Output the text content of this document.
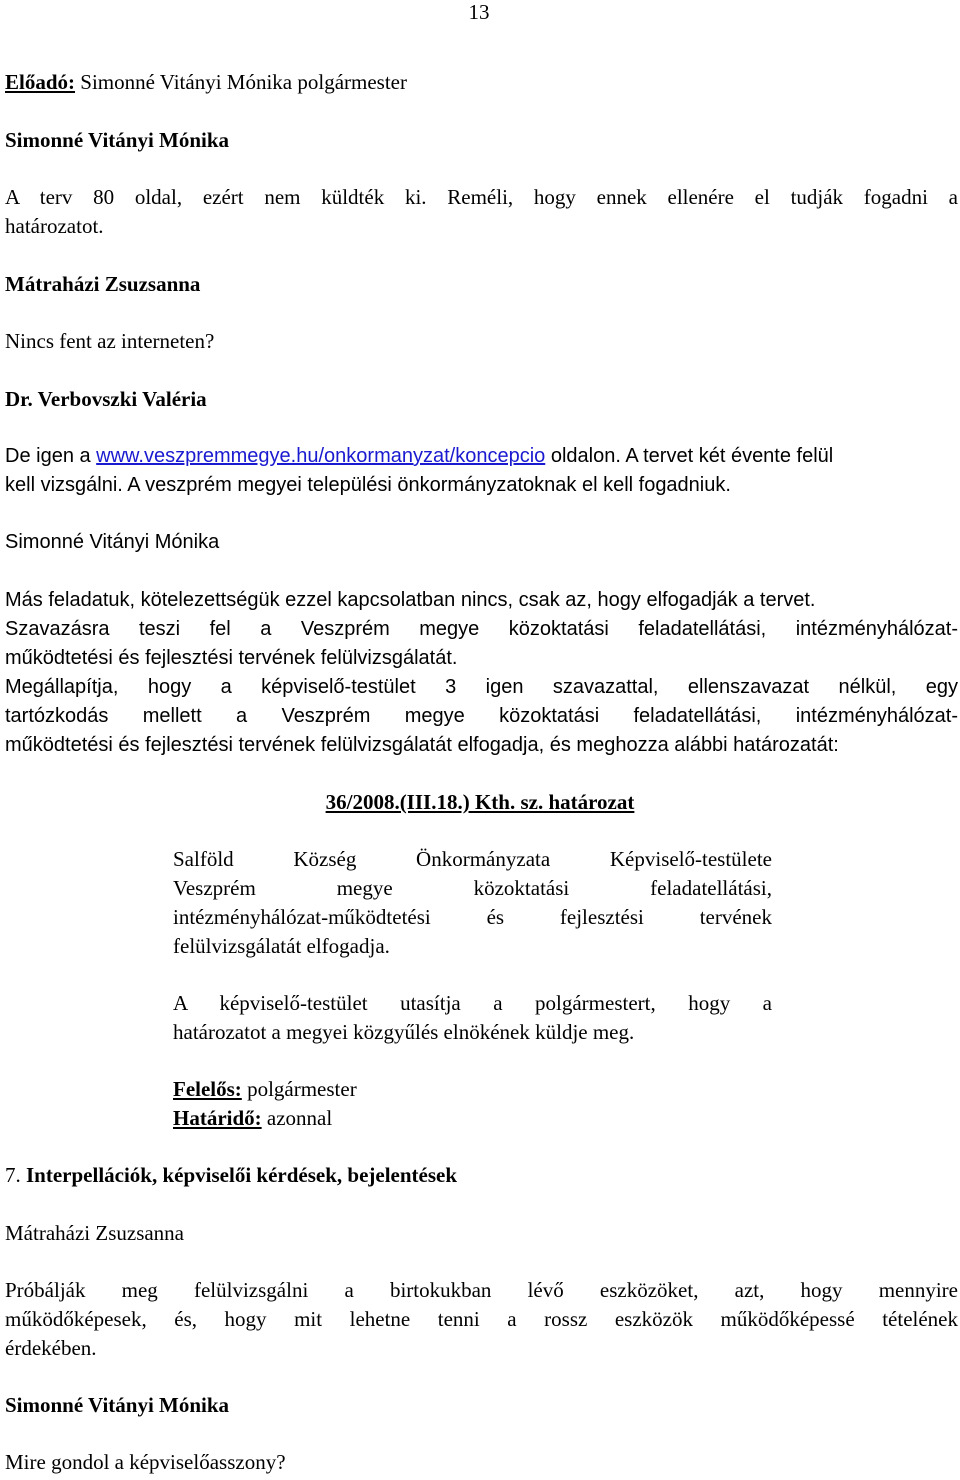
13
Előadó: Simonné Vitányi Mónika polgármester
Simonné Vitányi Mónika
A terv 80 oldal, ezért nem küldték ki. Reméli, hogy ennek ellenére el tudják fogadni a
határozatot.
Mátraházi Zsuzsanna
Nincs fent az interneten?
Dr. Verbovszki Valéria
De igen a www.veszpremmegye.hu/onkormanyzat/koncepcio oldalon. A tervet két évente felül
kell vizsgálni. A veszprém megyei települési önkormányzatoknak el kell fogadniuk.
Simonné Vitányi Mónika
Más feladatuk, kötelezettségük ezzel kapcsolatban nincs, csak az, hogy elfogadják a tervet.
Szavazásra teszi fel a Veszprém megye közoktatási feladatellátási, intézményhálózat-
működtetési és fejlesztési tervének felülvizsgálatát.
Megállapítja, hogy a képviselő-testület 3 igen szavazattal, ellenszavazat nélkül, egy
tartózkodás mellett a Veszprém megye közoktatási feladatellátási, intézményhálózat-
működtetési és fejlesztési tervének felülvizsgálatát elfogadja, és meghozza alábbi határozatát:
36/2008.(III.18.) Kth. sz. határozat
Salföld Község Önkormányzata Képviselő-testülete
Veszprém megye közoktatási feladatellátási,
intézményhálózat-működtetési és fejlesztési tervének
felülvizsgálatát elfogadja.
A képviselő-testület utasítja a polgármestert, hogy a
határozatot a megyei közgyűlés elnökének küldje meg.
Felelős: polgármester
Határidő: azonnal
7. Interpellációk, képviselői kérdések, bejelentések
Mátraházi Zsuzsanna
Próbálják meg felülvizsgálni a birtokukban lévő eszközöket, azt, hogy mennyire
működőképesek, és, hogy mit lehetne tenni a rossz eszközök működőképessé tételének
érdekében.
Simonné Vitányi Mónika
Mire gondol a képviselőasszony?
